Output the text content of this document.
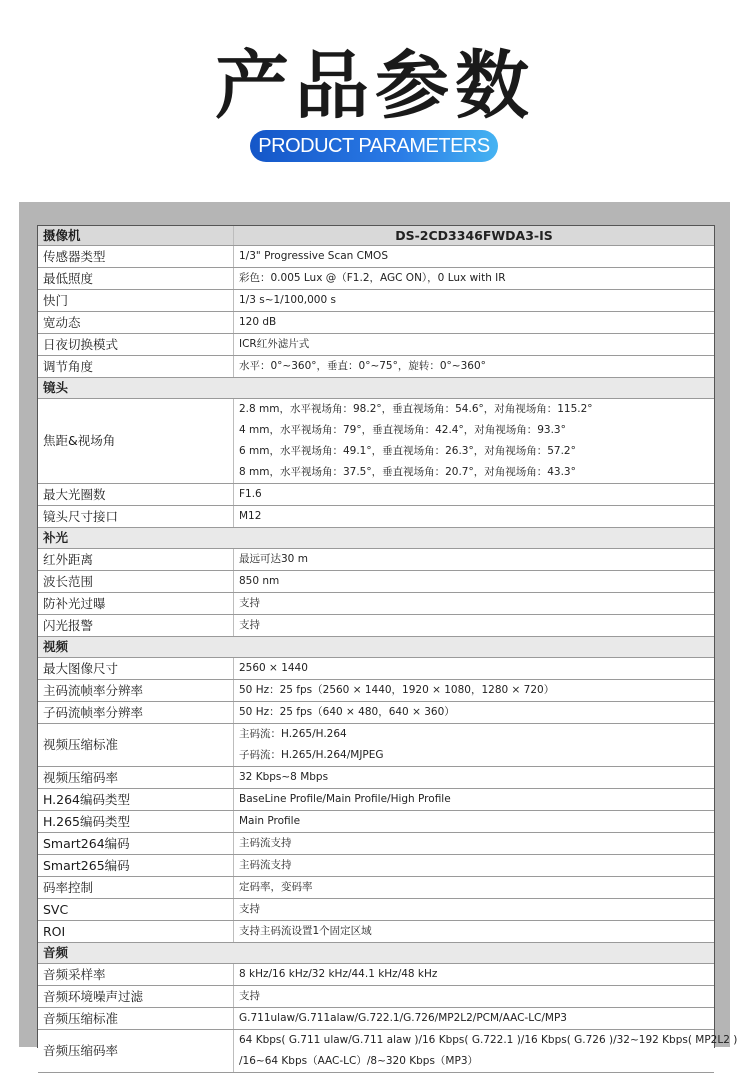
产品参数
PRODUCT PARAMETERS
摄像机	DS-2CD3346FWDA3-IS
传感器类型	1/3" Progressive Scan CMOS

最低照度	彩色：0.005 Lux @（F1.2，AGC ON），0 Lux with IR

快门	1/3 s~1/100,000 s

宽动态	120 dB

日夜切换模式	ICR红外滤片式

调节角度	水平：0°~360°，垂直：0°~75°，旋转：0°~360°

镜头	
焦距&视场角	2.8 mm，水平视场角：98.2°，垂直视场角：54.6°，对角视场角：115.2°
4 mm，水平视场角：79°，垂直视场角：42.4°，对角视场角：93.3°
6 mm，水平视场角：49.1°，垂直视场角：26.3°，对角视场角：57.2°
8 mm，水平视场角：37.5°，垂直视场角：20.7°，对角视场角：43.3°

最大光圈数	F1.6

镜头尺寸接口	M12

补光	
红外距离	最远可达30 m

波长范围	850 nm

防补光过曝	支持

闪光报警	支持

视频	
最大图像尺寸	2560 × 1440

主码流帧率分辨率	50 Hz：25 fps（2560 × 1440，1920 × 1080，1280 × 720）

子码流帧率分辨率	50 Hz：25 fps（640 × 480，640 × 360）

视频压缩标准	主码流：H.265/H.264
子码流：H.265/H.264/MJPEG

视频压缩码率	32 Kbps~8 Mbps

H.264编码类型	BaseLine Profile/Main Profile/High Profile

H.265编码类型	Main Profile

Smart264编码	主码流支持

Smart265编码	主码流支持

码率控制	定码率，变码率

SVC	支持

ROI	支持主码流设置1个固定区域

音频	
音频采样率	8 kHz/16 kHz/32 kHz/44.1 kHz/48 kHz

音频环境噪声过滤	支持

音频压缩标准	G.711ulaw/G.711alaw/G.722.1/G.726/MP2L2/PCM/AAC-LC/MP3

音频压缩码率	64 Kbps( G.711 ulaw/G.711 alaw )/16 Kbps( G.722.1 )/16 Kbps( G.726 )/32~192 Kbps( MP2L2 )
/16~64 Kbps（AAC-LC）/8~320 Kbps（MP3）
